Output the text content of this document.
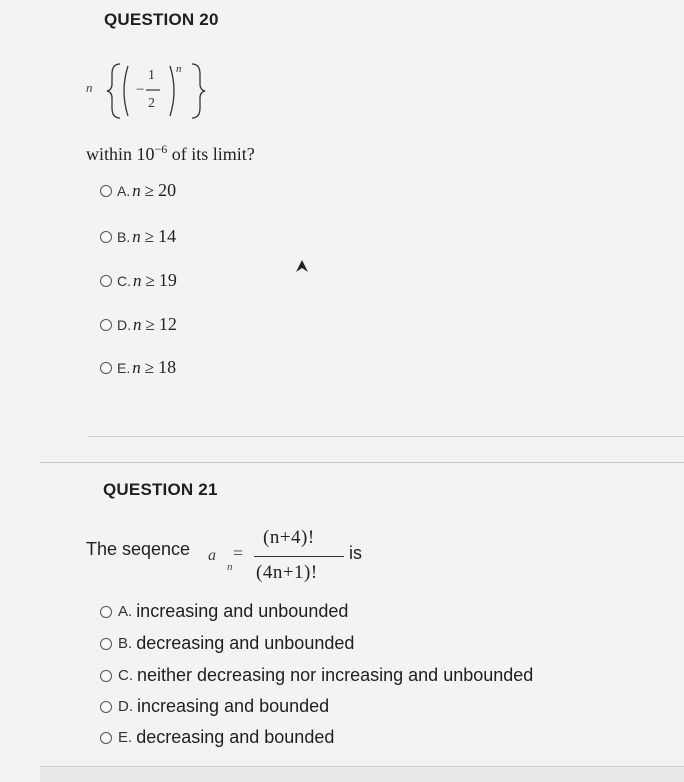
QUESTION 20
n	−
1
2
n
within $10^{-6}$ of its limit?
A. n ≥ 20
B. n ≥ 14
C. n ≥ 19
D. n ≥ 12
E. n ≥ 18
QUESTION 21
The seqence a
n
=
(n+4)!
(4n+1)!
is
A. increasing and unbounded
B. decreasing and unbounded
C. neither decreasing nor increasing and unbounded
D. increasing and bounded
E. decreasing and bounded
